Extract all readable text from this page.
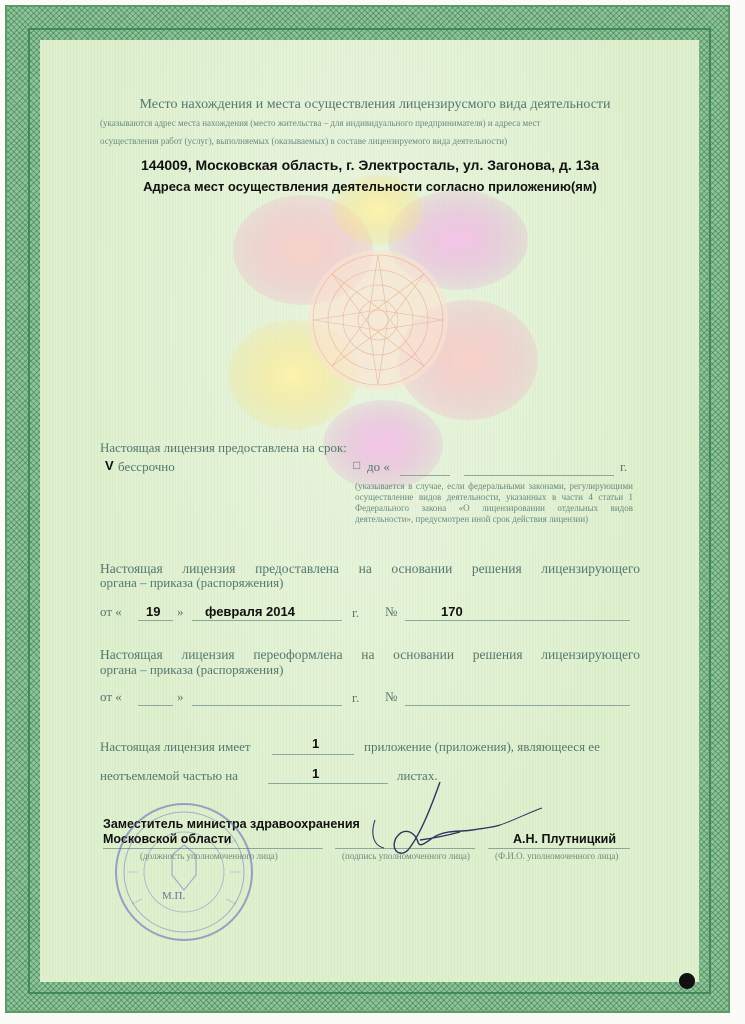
Место нахождения и места осуществления лицензирусмого вида деятельности
(указываются адрес места нахождения (место жительства – для индивидуального предпринимателя) и адреса мест
осуществления работ (услуг), выполняемых (оказываемых) в составе лицензируемого вида деятельности)
144009, Московская область, г. Электросталь, ул. Загонова, д. 13а
Адреса мест осуществления деятельности согласно приложению(ям)
Настоящая лицензия предоставлена на срок:
V бессрочно	□ до «	г.
(указывается в случае, если федеральными законами, регулирующими осуществление видов деятельности, указанных в части 4 статьи 1 Федерального закона «О лицензировании отдельных видов деятельности», предусмотрен иной срок действия лицензии)
Настоящая лицензия предоставлена на основании решения лицензирующего
органа – приказа (распоряжения)
от « 19 » февраля 2014	г. №	170
Настоящая лицензия переоформлена на основании решения лицензирующего
органа – приказа (распоряжения)
от «	»	г. №
Настоящая лицензия имеет	1	приложение (приложения), являющееся ее
неотъемлемой частью на	1	листах.
Заместитель министра здравоохранения
Московской области	А.Н. Плутницкий
(должность уполномоченного лица)	(подпись уполномоченного лица)	(Ф.И.О. уполномоченного лица)
М.П.
